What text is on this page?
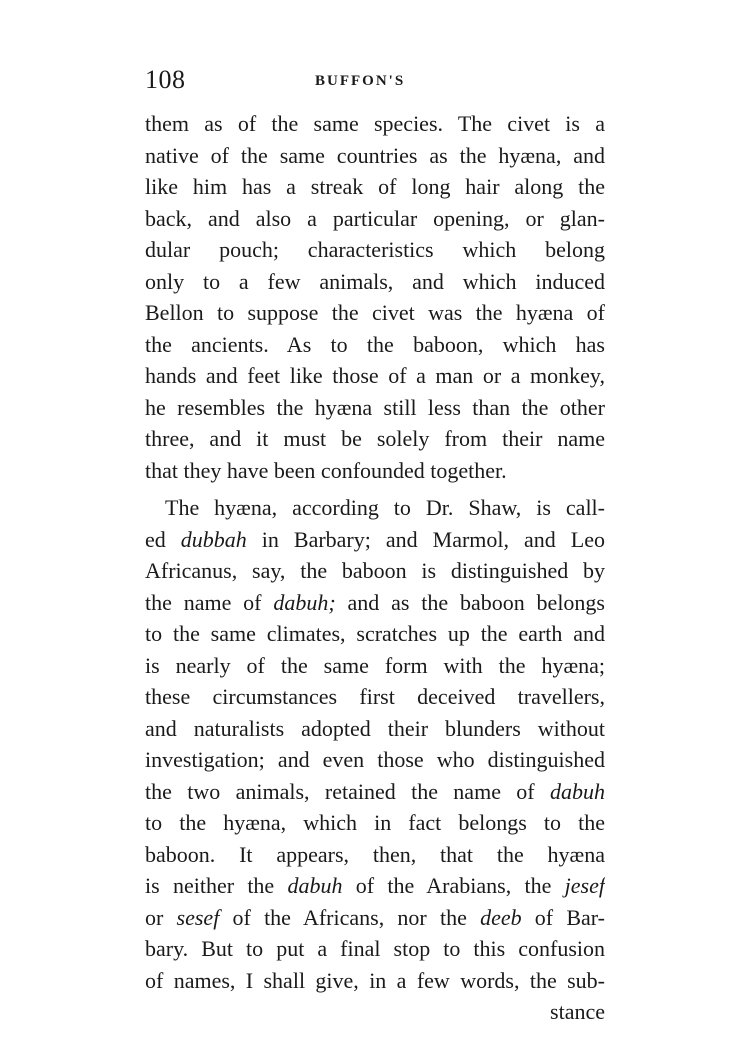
108	BUFFON'S
them as of the same species. The civet is a
native of the same countries as the hyæna, and
like him has a streak of long hair along the
back, and also a particular opening, or glan-
dular pouch; characteristics which belong
only to a few animals, and which induced
Bellon to suppose the civet was the hyæna of
the ancients. As to the baboon, which has
hands and feet like those of a man or a monkey,
he resembles the hyæna still less than the other
three, and it must be solely from their name
that they have been confounded together.
The hyæna, according to Dr. Shaw, is call-
ed dubbah in Barbary; and Marmol, and Leo
Africanus, say, the baboon is distinguished by
the name of dabuh; and as the baboon belongs
to the same climates, scratches up the earth and
is nearly of the same form with the hyæna;
these circumstances first deceived travellers,
and naturalists adopted their blunders without
investigation; and even those who distinguished
the two animals, retained the name of dabuh
to the hyæna, which in fact belongs to the
baboon. It appears, then, that the hyæna
is neither the dabuh of the Arabians, the jesef
or sesef of the Africans, nor the deeb of Bar-
bary. But to put a final stop to this confusion
of names, I shall give, in a few words, the sub-
stance
